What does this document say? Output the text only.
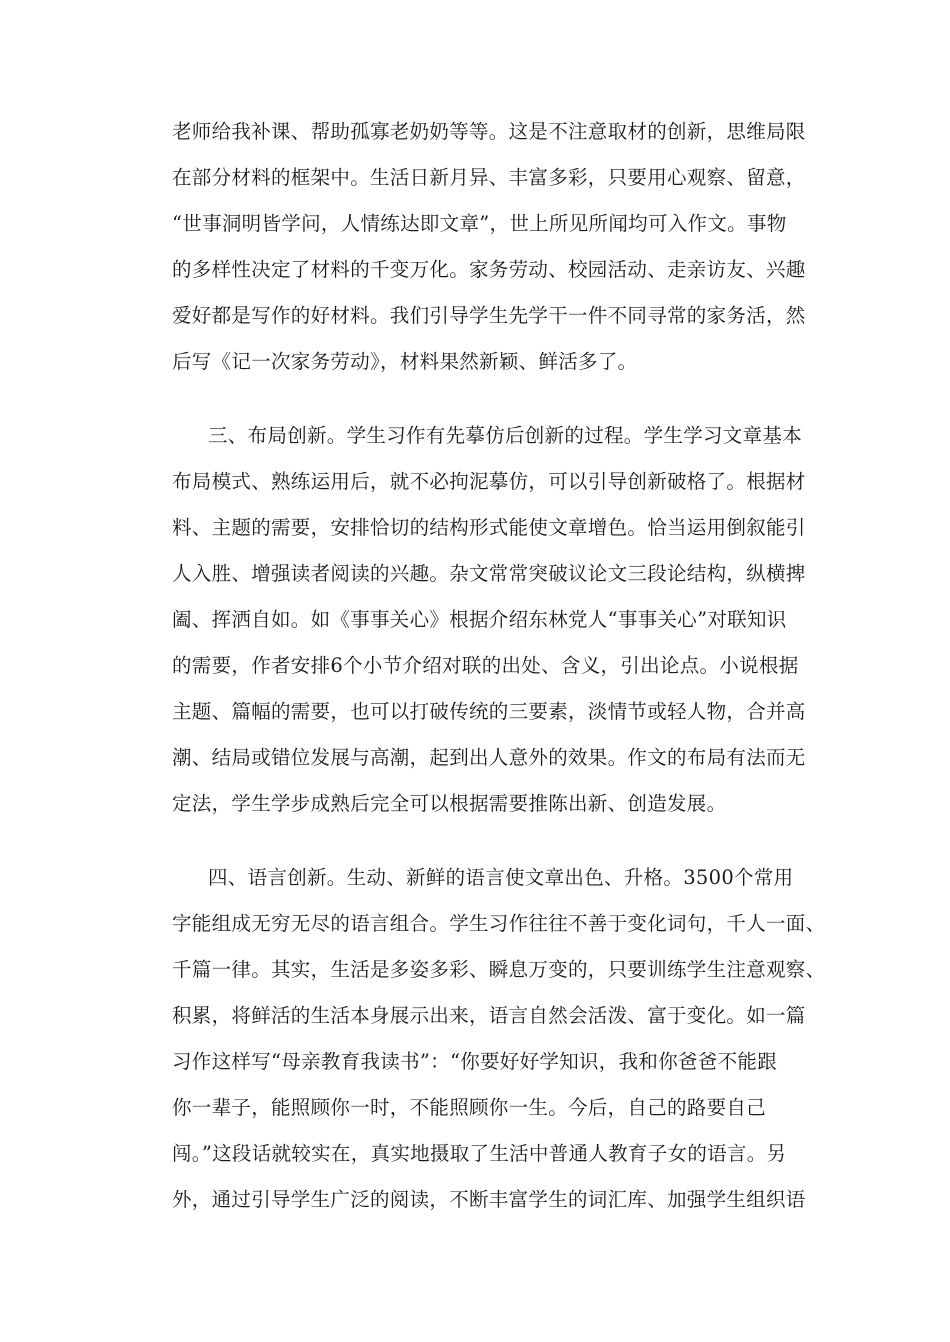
老师给我补课、帮助孤寡老奶奶等等。这是不注意取材的创新，思维局限
在部分材料的框架中。生活日新月异、丰富多彩，只要用心观察、留意，
“世事洞明皆学问，人情练达即文章”，世上所见所闻均可入作文。事物
的多样性决定了材料的千变万化。家务劳动、校园活动、走亲访友、兴趣
爱好都是写作的好材料。我们引导学生先学干一件不同寻常的家务活，然
后写《记一次家务劳动》，材料果然新颖、鲜活多了。
三、布局创新。学生习作有先摹仿后创新的过程。学生学习文章基本
布局模式、熟练运用后，就不必拘泥摹仿，可以引导创新破格了。根据材
料、主题的需要，安排恰切的结构形式能使文章增色。恰当运用倒叙能引
人入胜、增强读者阅读的兴趣。杂文常常突破议论文三段论结构，纵横捭
阖、挥洒自如。如《事事关心》根据介绍东林党人“事事关心”对联知识
的需要，作者安排6个小节介绍对联的出处、含义，引出论点。小说根据
主题、篇幅的需要，也可以打破传统的三要素，淡情节或轻人物，合并高
潮、结局或错位发展与高潮，起到出人意外的效果。作文的布局有法而无
定法，学生学步成熟后完全可以根据需要推陈出新、创造发展。
四、语言创新。生动、新鲜的语言使文章出色、升格。3500个常用
字能组成无穷无尽的语言组合。学生习作往往不善于变化词句，千人一面、
千篇一律。其实，生活是多姿多彩、瞬息万变的，只要训练学生注意观察、
积累，将鲜活的生活本身展示出来，语言自然会活泼、富于变化。如一篇
习作这样写“母亲教育我读书”：“你要好好学知识，我和你爸爸不能跟
你一辈子，能照顾你一时，不能照顾你一生。今后，自己的路要自己
闯。”这段话就较实在，真实地摄取了生活中普通人教育子女的语言。另
外，通过引导学生广泛的阅读，不断丰富学生的词汇库、加强学生组织语
